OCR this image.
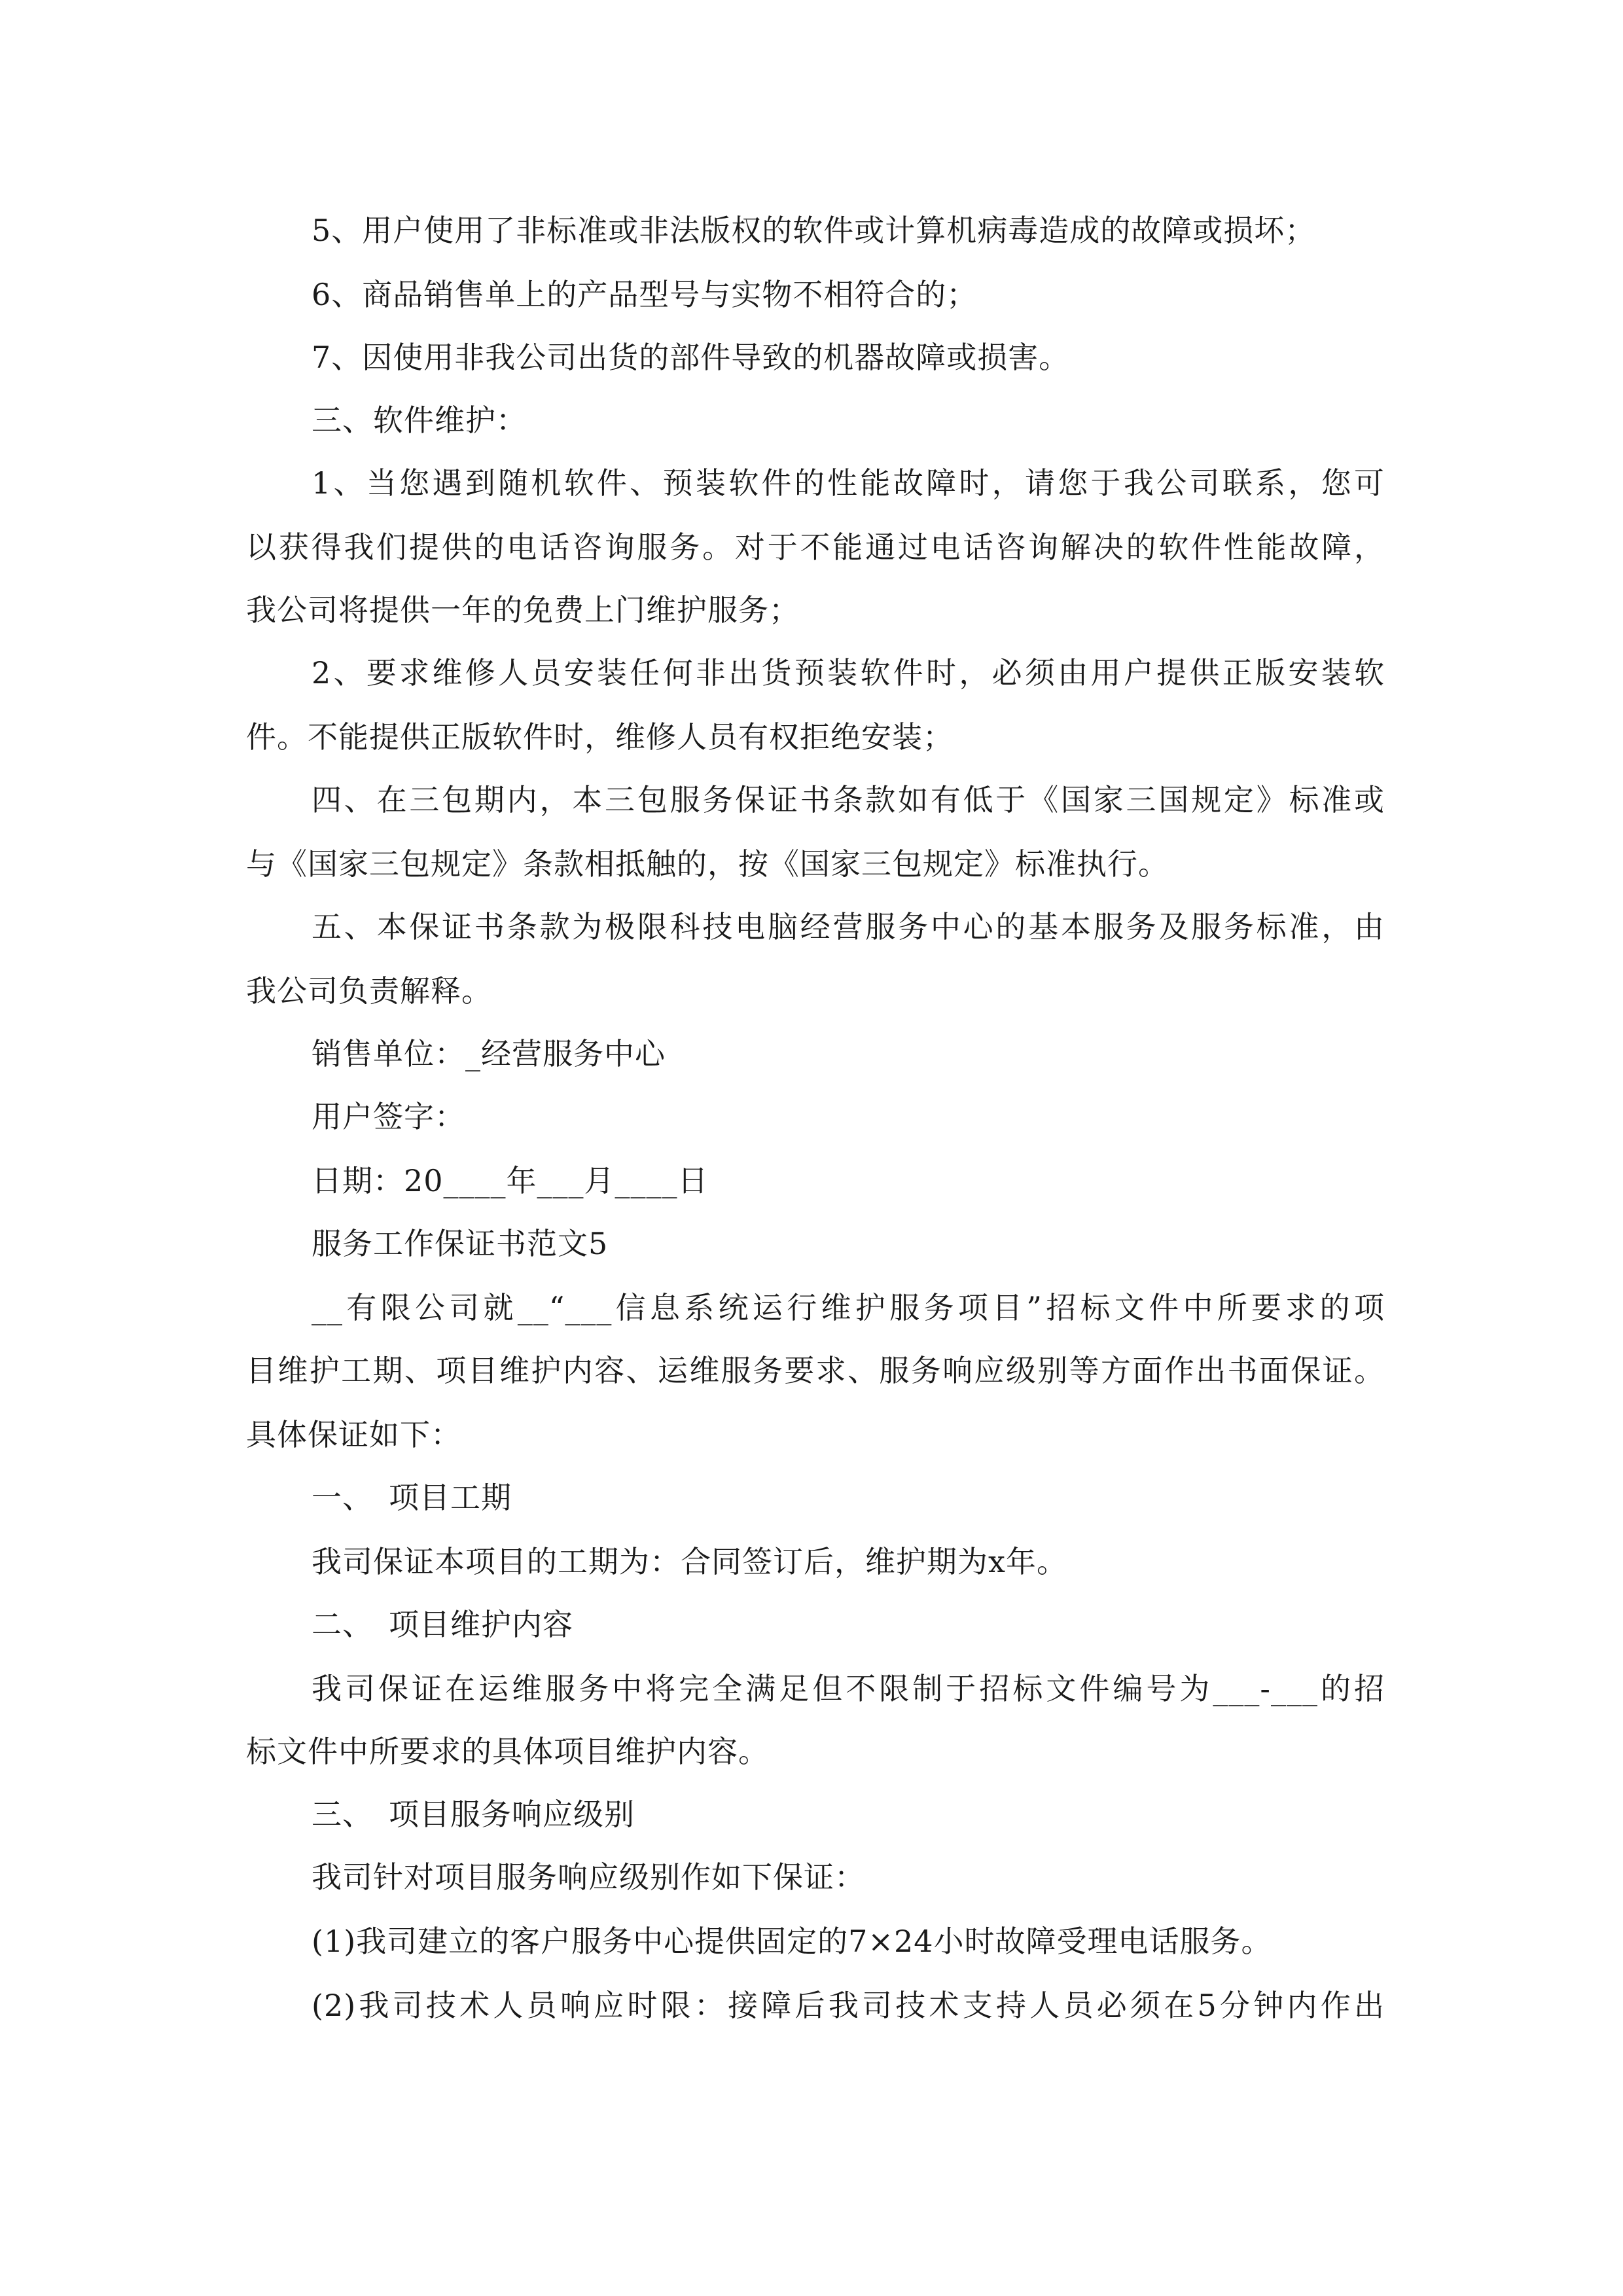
5、用户使用了非标准或非法版权的软件或计算机病毒造成的故障或损坏；
6、商品销售单上的产品型号与实物不相符合的；
7、因使用非我公司出货的部件导致的机器故障或损害。
三、软件维护：
1、当您遇到随机软件、预装软件的性能故障时，请您于我公司联系，您可
以获得我们提供的电话咨询服务。对于不能通过电话咨询解决的软件性能故障，
我公司将提供一年的免费上门维护服务；
2、要求维修人员安装任何非出货预装软件时，必须由用户提供正版安装软
件。不能提供正版软件时，维修人员有权拒绝安装；
四、在三包期内，本三包服务保证书条款如有低于《国家三国规定》标准或
与《国家三包规定》条款相抵触的，按《国家三包规定》标准执行。
五、本保证书条款为极限科技电脑经营服务中心的基本服务及服务标准，由
我公司负责解释。
销售单位：_经营服务中心
用户签字：
日期：20____年___月____日
服务工作保证书范文5
__有限公司就__“___信息系统运行维护服务项目”招标文件中所要求的项
目维护工期、项目维护内容、运维服务要求、服务响应级别等方面作出书面保证。
具体保证如下：
一、　项目工期
我司保证本项目的工期为：合同签订后，维护期为x年。
二、　项目维护内容
我司保证在运维服务中将完全满足但不限制于招标文件编号为___-___的招
标文件中所要求的具体项目维护内容。
三、　项目服务响应级别
我司针对项目服务响应级别作如下保证：
(1)我司建立的客户服务中心提供固定的7×24小时故障受理电话服务。
(2)我司技术人员响应时限：接障后我司技术支持人员必须在5分钟内作出
